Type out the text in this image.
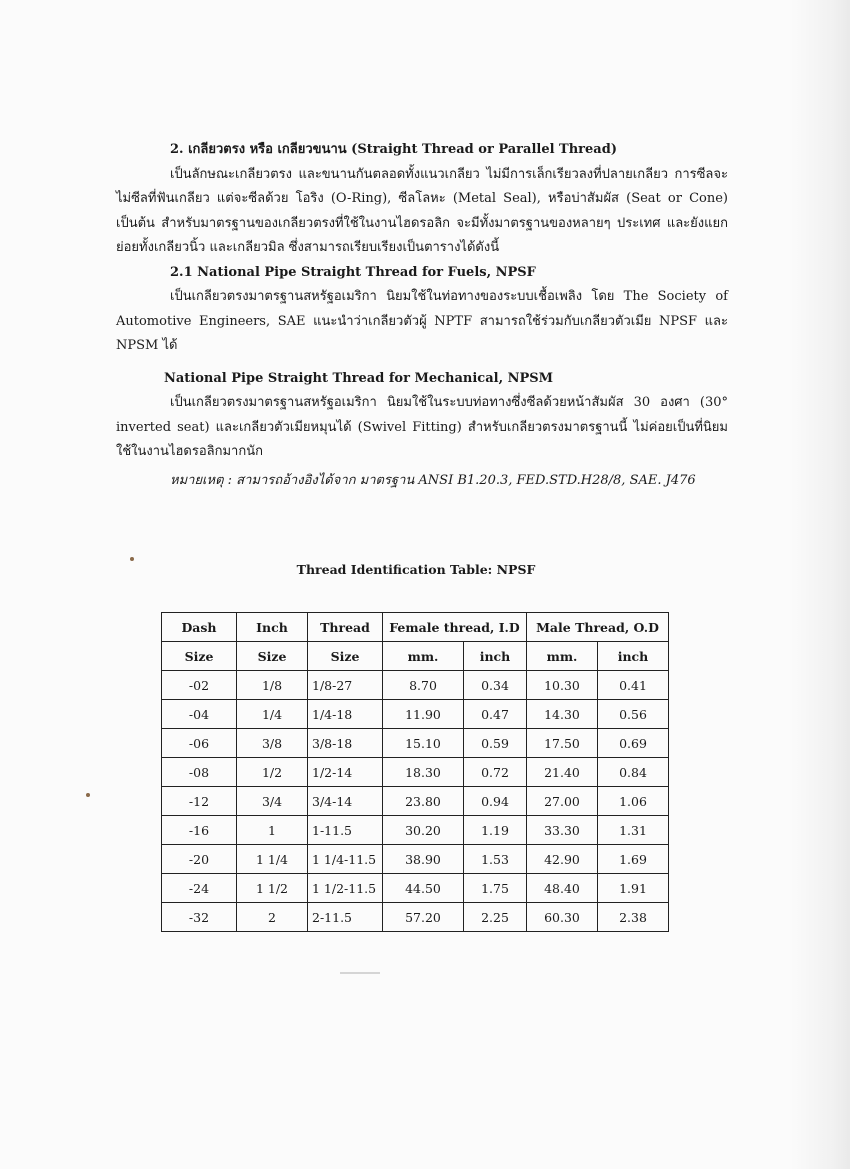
2. เกลียวตรง หรือ เกลียวขนาน (Straight Thread or Parallel Thread)

เป็นลักษณะเกลียวตรง และขนานกันตลอดทั้งแนวเกลียว ไม่มีการเล็กเรียวลงที่ปลายเกลียว การซีลจะไม่ซีลที่ฟันเกลียว แต่จะซีลด้วย โอริง (O-Ring), ซีลโลหะ (Metal Seal), หรือบ่าสัมผัส (Seat or Cone) เป็นต้น สำหรับมาตรฐานของเกลียวตรงที่ใช้ในงานไฮดรอลิก จะมีทั้งมาตรฐานของหลายๆ ประเทศ และยังแยกย่อยทั้งเกลียวนิ้ว และเกลียวมิล ซึ่งสามารถเรียบเรียงเป็นตารางได้ดังนี้

2.1 National Pipe Straight Thread for Fuels, NPSF

เป็นเกลียวตรงมาตรฐานสหรัฐอเมริกา นิยมใช้ในท่อทางของระบบเชื้อเพลิง โดย The Society of Automotive Engineers, SAE แนะนำว่าเกลียวตัวผู้ NPTF สามารถใช้ร่วมกับเกลียวตัวเมีย NPSF และ NPSM ได้

National Pipe Straight Thread for Mechanical, NPSM

เป็นเกลียวตรงมาตรฐานสหรัฐอเมริกา นิยมใช้ในระบบท่อทางซึ่งซีลด้วยหน้าสัมผัส 30 องศา (30° inverted seat) และเกลียวตัวเมียหมุนได้ (Swivel Fitting) สำหรับเกลียวตรงมาตรฐานนี้ ไม่ค่อยเป็นที่นิยมใช้ในงานไฮดรอลิกมากนัก

หมายเหตุ : สามารถอ้างอิงได้จาก มาตรฐาน ANSI B1.20.3, FED.STD.H28/8, SAE. J476
Thread Identification Table: NPSF
Dash	Inch	Thread	Female thread, I.D		Male Thread, O.D	
Size	Size	Size	mm.	inch	mm.	inch
-02	1/8	1/8-27	8.70	0.34	10.30	0.41
-04	1/4	1/4-18	11.90	0.47	14.30	0.56
-06	3/8	3/8-18	15.10	0.59	17.50	0.69
-08	1/2	1/2-14	18.30	0.72	21.40	0.84
-12	3/4	3/4-14	23.80	0.94	27.00	1.06
-16	1	1-11.5	30.20	1.19	33.30	1.31
-20	1 1/4	1 1/4-11.5	38.90	1.53	42.90	1.69
-24	1 1/2	1 1/2-11.5	44.50	1.75	48.40	1.91
-32	2	2-11.5	57.20	2.25	60.30	2.38
